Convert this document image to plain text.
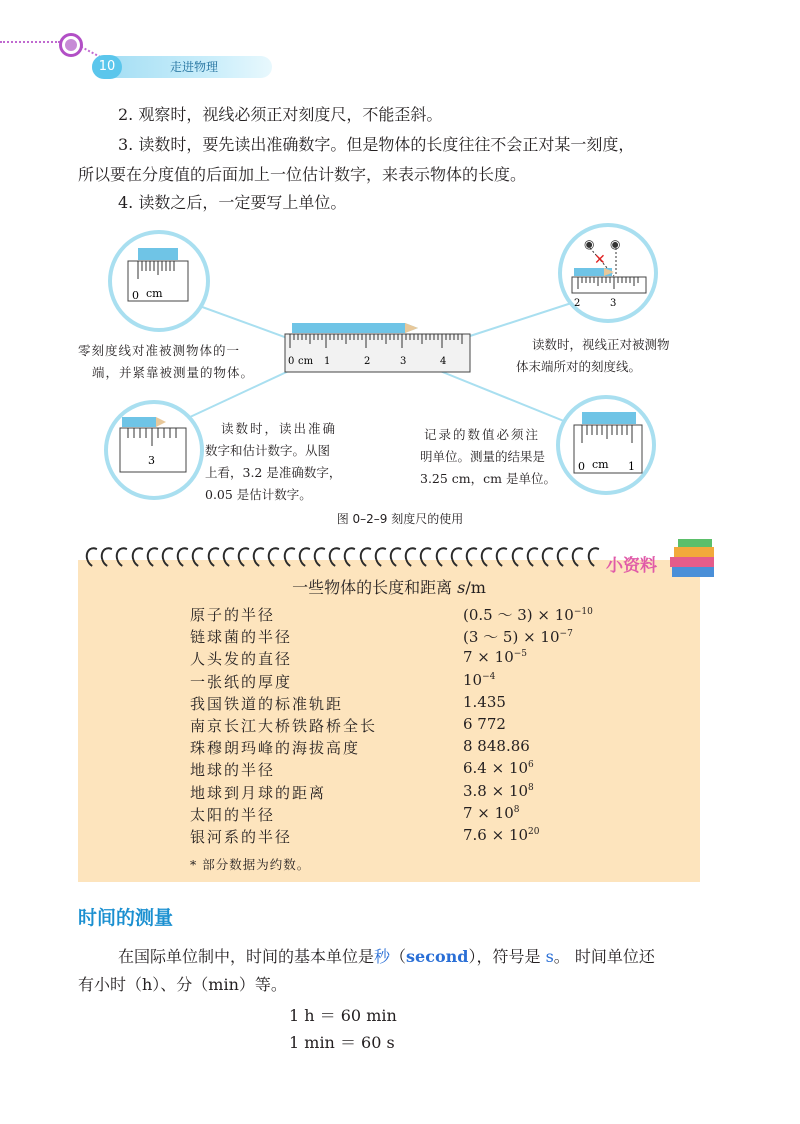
10	走进物理
2. 观察时，视线必须正对刻度尺，不能歪斜。
3. 读数时，要先读出准确数字。但是物体的长度往往不会正对某一刻度，
所以要在分度值的后面加上一位估计数字，来表示物体的长度。
4. 读数之后，一定要写上单位。
0 cm 1	2	3	4
0 cm
◉ ◉
✕
2	3
3	0 cm 1
零刻度线对准被测物体的一
端，并紧靠被测量的物体。
读数时，视线正对被测物
体末端所对的刻度线。
读数时，读出准确
数字和估计数字。从图
上看，3.2 是准确数字，
0.05 是估计数字。
记录的数值必须注
明单位。测量的结果是
3.25 cm，cm 是单位。
图 0–2–9 刻度尺的使用
小资料
一些物体的长度和距离 s/m
原子的半径	(0.5 ～ $3) \times 10^{-10}$
链球菌的半径	(3 ～ $5) \times 10^{-7}$
人头发的直径	$7 \times 10^{-5}$
一张纸的厚度	$10^{-4}$
我国铁道的标准轨距	1.435
南京长江大桥铁路桥全长	6 772
珠穆朗玛峰的海拔高度	8 848.86
地球的半径	$6.4 \times 10^6$
地球到月球的距离	$3.8 \times 10^8$
太阳的半径	$7 \times 10^8$
银河系的半径	$7.6 \times 10^{20}$
* 部分数据为约数。
时间的测量
在国际单位制中，时间的基本单位是秒（second），符号是 s。 时间单位还
有小时（h）、分（min）等。
1 h ＝ 60 min
1 min ＝ 60 s
